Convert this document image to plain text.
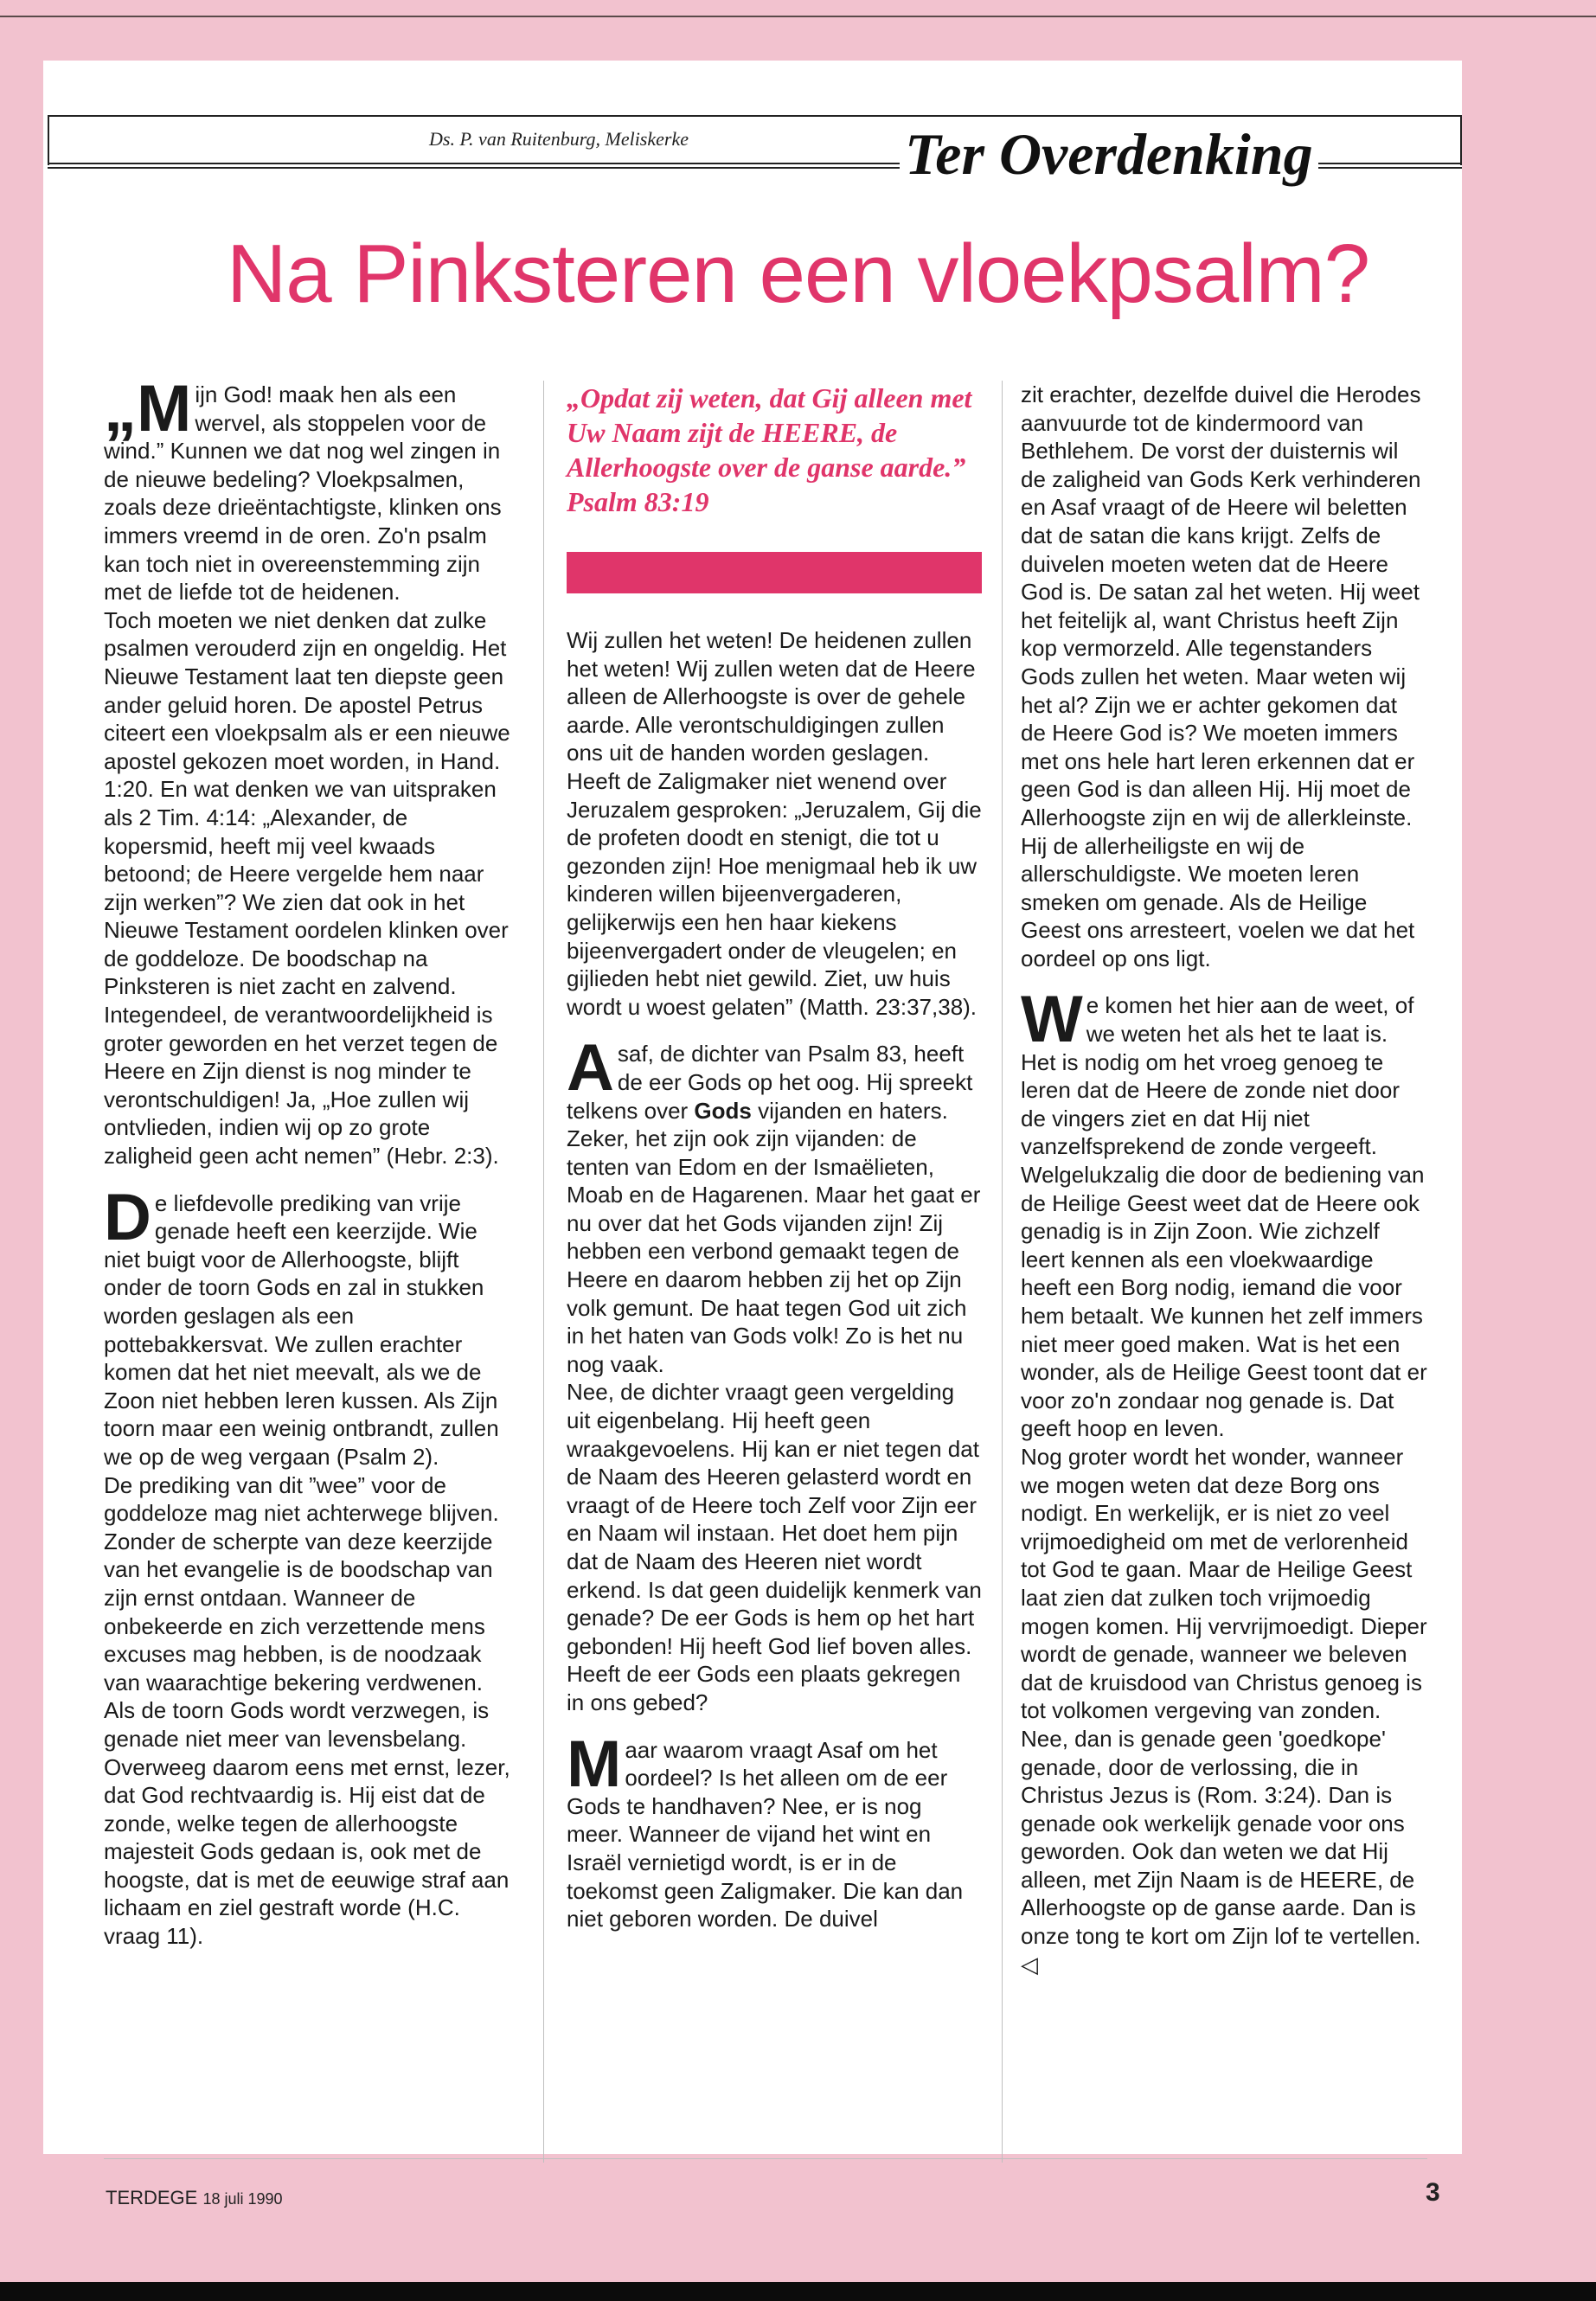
Ds. P. van Ruitenburg, Meliskerke	Ter Overdenking
Na Pinksteren een vloekpsalm?

„Mijn God! maak hen als een wervel, als stoppelen voor de wind.” Kunnen we dat nog wel zingen in de nieuwe bedeling? Vloekpsalmen, zoals deze drieëntachtigste, klinken ons immers vreemd in de oren. Zo'n psalm kan toch niet in overeenstemming zijn met de liefde tot de heidenen.

Toch moeten we niet denken dat zulke psalmen verouderd zijn en ongeldig. Het Nieuwe Testament laat ten diepste geen ander geluid horen. De apostel Petrus citeert een vloekpsalm als er een nieuwe apostel gekozen moet worden, in Hand. 1:20. En wat denken we van uitspraken als 2 Tim. 4:14: „Alexander, de kopersmid, heeft mij veel kwaads betoond; de Heere vergelde hem naar zijn werken”? We zien dat ook in het Nieuwe Testament oordelen klinken over de goddeloze. De boodschap na Pinksteren is niet zacht en zalvend. Integendeel, de verantwoordelijkheid is groter geworden en het verzet tegen de Heere en Zijn dienst is nog minder te verontschuldigen! Ja, „Hoe zullen wij ontvlieden, indien wij op zo grote zaligheid geen acht nemen” (Hebr. 2:3).

De liefdevolle prediking van vrije genade heeft een keerzijde. Wie niet buigt voor de Allerhoogste, blijft onder de toorn Gods en zal in stukken worden geslagen als een pottebakkersvat. We zullen erachter komen dat het niet meevalt, als we de Zoon niet hebben leren kussen. Als Zijn toorn maar een weinig ontbrandt, zullen we op de weg vergaan (Psalm 2).

De prediking van dit ”wee” voor de goddeloze mag niet achterwege blijven. Zonder de scherpte van deze keerzijde van het evangelie is de boodschap van zijn ernst ontdaan. Wanneer de onbekeerde en zich verzettende mens excuses mag hebben, is de noodzaak van waarachtige bekering verdwenen. Als de toorn Gods wordt verzwegen, is genade niet meer van levensbelang. Overweeg daarom eens met ernst, lezer, dat God rechtvaardig is. Hij eist dat de zonde, welke tegen de allerhoogste majesteit Gods gedaan is, ook met de hoogste, dat is met de eeuwige straf aan lichaam en ziel gestraft worde (H.C. vraag 11).

„Opdat zij weten, dat Gij alleen met Uw Naam zijt de HEERE, de Allerhoogste over de ganse aarde.” Psalm 83:19

Wij zullen het weten! De heidenen zullen het weten! Wij zullen weten dat de Heere alleen de Allerhoogste is over de gehele aarde. Alle verontschuldigingen zullen ons uit de handen worden geslagen. Heeft de Zaligmaker niet wenend over Jeruzalem gesproken: „Jeruzalem, Gij die de profeten doodt en stenigt, die tot u gezonden zijn! Hoe menigmaal heb ik uw kinderen willen bijeenvergaderen, gelijkerwijs een hen haar kiekens bijeenvergadert onder de vleugelen; en gijlieden hebt niet gewild. Ziet, uw huis wordt u woest gelaten” (Matth. 23:37,38).

Asaf, de dichter van Psalm 83, heeft de eer Gods op het oog. Hij spreekt telkens over Gods vijanden en haters. Zeker, het zijn ook zijn vijanden: de tenten van Edom en der Ismaëlieten, Moab en de Hagarenen. Maar het gaat er nu over dat het Gods vijanden zijn! Zij hebben een verbond gemaakt tegen de Heere en daarom hebben zij het op Zijn volk gemunt. De haat tegen God uit zich in het haten van Gods volk! Zo is het nu nog vaak.

Nee, de dichter vraagt geen vergelding uit eigenbelang. Hij heeft geen wraakgevoelens. Hij kan er niet tegen dat de Naam des Heeren gelasterd wordt en vraagt of de Heere toch Zelf voor Zijn eer en Naam wil instaan. Het doet hem pijn dat de Naam des Heeren niet wordt erkend. Is dat geen duidelijk kenmerk van genade? De eer Gods is hem op het hart gebonden! Hij heeft God lief boven alles. Heeft de eer Gods een plaats gekregen in ons gebed?

Maar waarom vraagt Asaf om het oordeel? Is het alleen om de eer Gods te handhaven? Nee, er is nog meer. Wanneer de vijand het wint en Israël vernietigd wordt, is er in de toekomst geen Zaligmaker. Die kan dan niet geboren worden. De duivel

zit erachter, dezelfde duivel die Herodes aanvuurde tot de kindermoord van Bethlehem. De vorst der duisternis wil de zaligheid van Gods Kerk verhinderen en Asaf vraagt of de Heere wil beletten dat de satan die kans krijgt. Zelfs de duivelen moeten weten dat de Heere God is. De satan zal het weten. Hij weet het feitelijk al, want Christus heeft Zijn kop vermorzeld. Alle tegenstanders Gods zullen het weten. Maar weten wij het al? Zijn we er achter gekomen dat de Heere God is? We moeten immers met ons hele hart leren erkennen dat er geen God is dan alleen Hij. Hij moet de Allerhoogste zijn en wij de allerkleinste. Hij de allerheiligste en wij de allerschuldigste. We moeten leren smeken om genade. Als de Heilige Geest ons arresteert, voelen we dat het oordeel op ons ligt.

We komen het hier aan de weet, of we weten het als het te laat is. Het is nodig om het vroeg genoeg te leren dat de Heere de zonde niet door de vingers ziet en dat Hij niet vanzelfsprekend de zonde vergeeft. Welgelukzalig die door de bediening van de Heilige Geest weet dat de Heere ook genadig is in Zijn Zoon. Wie zichzelf leert kennen als een vloekwaardige heeft een Borg nodig, iemand die voor hem betaalt. We kunnen het zelf immers niet meer goed maken. Wat is het een wonder, als de Heilige Geest toont dat er voor zo'n zondaar nog genade is. Dat geeft hoop en leven.

Nog groter wordt het wonder, wanneer we mogen weten dat deze Borg ons nodigt. En werkelijk, er is niet zo veel vrijmoedigheid om met de verlorenheid tot God te gaan. Maar de Heilige Geest laat zien dat zulken toch vrijmoedig mogen komen. Hij vervrijmoedigt. Dieper wordt de genade, wanneer we beleven dat de kruisdood van Christus genoeg is tot volkomen vergeving van zonden. Nee, dan is genade geen 'goedkope' genade, door de verlossing, die in Christus Jezus is (Rom. 3:24). Dan is genade ook werkelijk genade voor ons geworden. Ook dan weten we dat Hij alleen, met Zijn Naam is de HEERE, de Allerhoogste op de ganse aarde. Dan is onze tong te kort om Zijn lof te vertellen. ◁

TERDEGE 18 juli 1990	3
